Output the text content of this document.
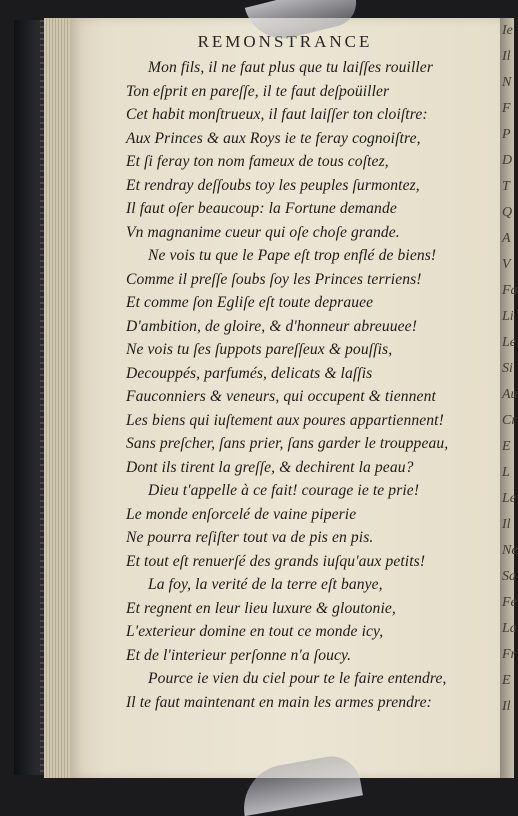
REMONSTRANCE
Mon fils, il ne faut plus que tu laiſſes rouiller
Ton eſprit en pareſſe, il te faut deſpoüiller
Cet habit monſtrueux, il faut laiſſer ton cloiſtre:
Aux Princes & aux Roys ie te feray cognoiſtre,
Et ſi feray ton nom fameux de tous coſtez,
Et rendray deſſoubs toy les peuples ſurmontez,
Il faut oſer beaucoup: la Fortune demande
Vn magnanime cueur qui oſe choſe grande.
Ne vois tu que le Pape eſt trop enflé de biens!
Comme il preſſe ſoubs ſoy les Princes terriens!
Et comme ſon Egliſe eſt toute deprauee
D'ambition, de gloire, & d'honneur abreuuee!
Ne vois tu ſes ſuppots pareſſeux & pouſſis,
Decouppés, parfumés, delicats & laſſis
Fauconniers & veneurs, qui occupent & tiennent
Les biens qui iuſtement aux poures appartiennent!
Sans preſcher, ſans prier, ſans garder le trouppeau,
Dont ils tirent la greſſe, & dechirent la peau?
Dieu t'appelle à ce fait! courage ie te prie!
Le monde enſorcelé de vaine piperie
Ne pourra reſiſter tout va de pis en pis.
Et tout eſt renuerſé des grands iuſqu'aux petits!
La foy, la verité de la terre eſt banye,
Et regnent en leur lieu luxure & gloutonie,
L'exterieur domine en tout ce monde icy,
Et de l'interieur perſonne n'a ſoucy.
Pource ie vien du ciel pour te le faire entendre,
Il te faut maintenant en main les armes prendre:
Ie
Il
N
F
P
D
T
Q
A
V
Fa
Li
Le
Si
Au
Cr
E
L
Le
Il
Ne
Sa
Fe
La
Fr
E
Il
